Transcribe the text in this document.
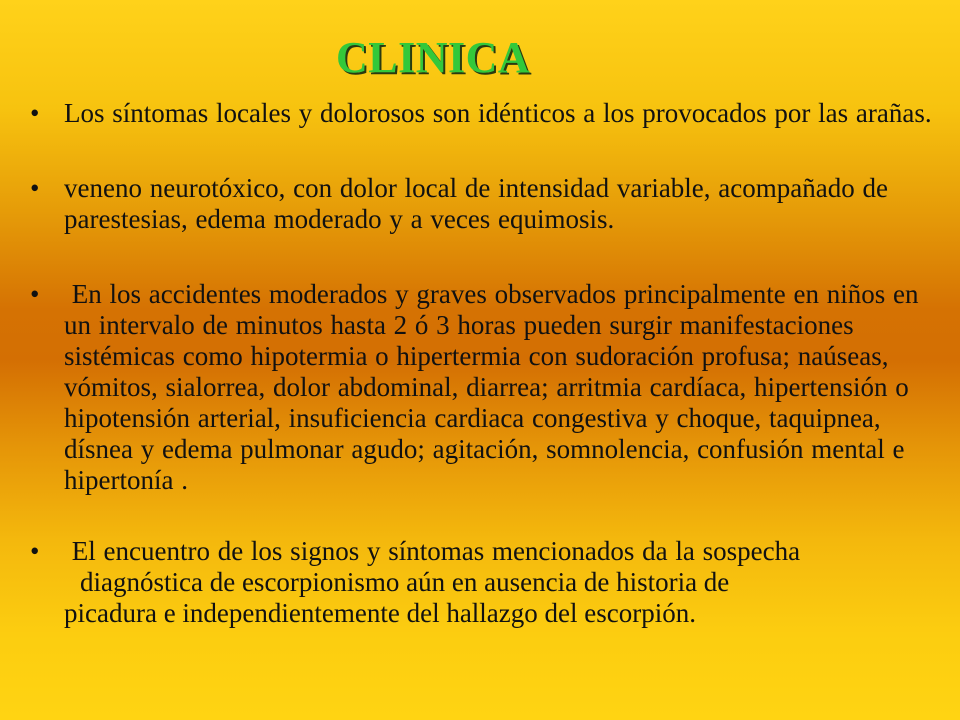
CLINICA
• Los síntomas locales y dolorosos son idénticos a los provocados por las arañas.
• veneno neurotóxico, con dolor local de intensidad variable, acompañado de parestesias, edema moderado y a veces equimosis.
• En los accidentes moderados y graves observados principalmente en niños en un intervalo de minutos hasta 2 ó 3 horas pueden surgir manifestaciones sistémicas como hipotermia o hipertermia con sudoración profusa; naúseas, vómitos, sialorrea, dolor abdominal, diarrea; arritmia cardíaca, hipertensión o hipotensión arterial, insuficiencia cardiaca congestiva y choque, taquipnea, dísnea y edema pulmonar agudo; agitación, somnolencia, confusión mental e hipertonía .
• El encuentro de los signos y síntomas mencionados da la sospecha
diagnóstica de escorpionismo aún en ausencia de historia de
picadura e independientemente del hallazgo del escorpión.
